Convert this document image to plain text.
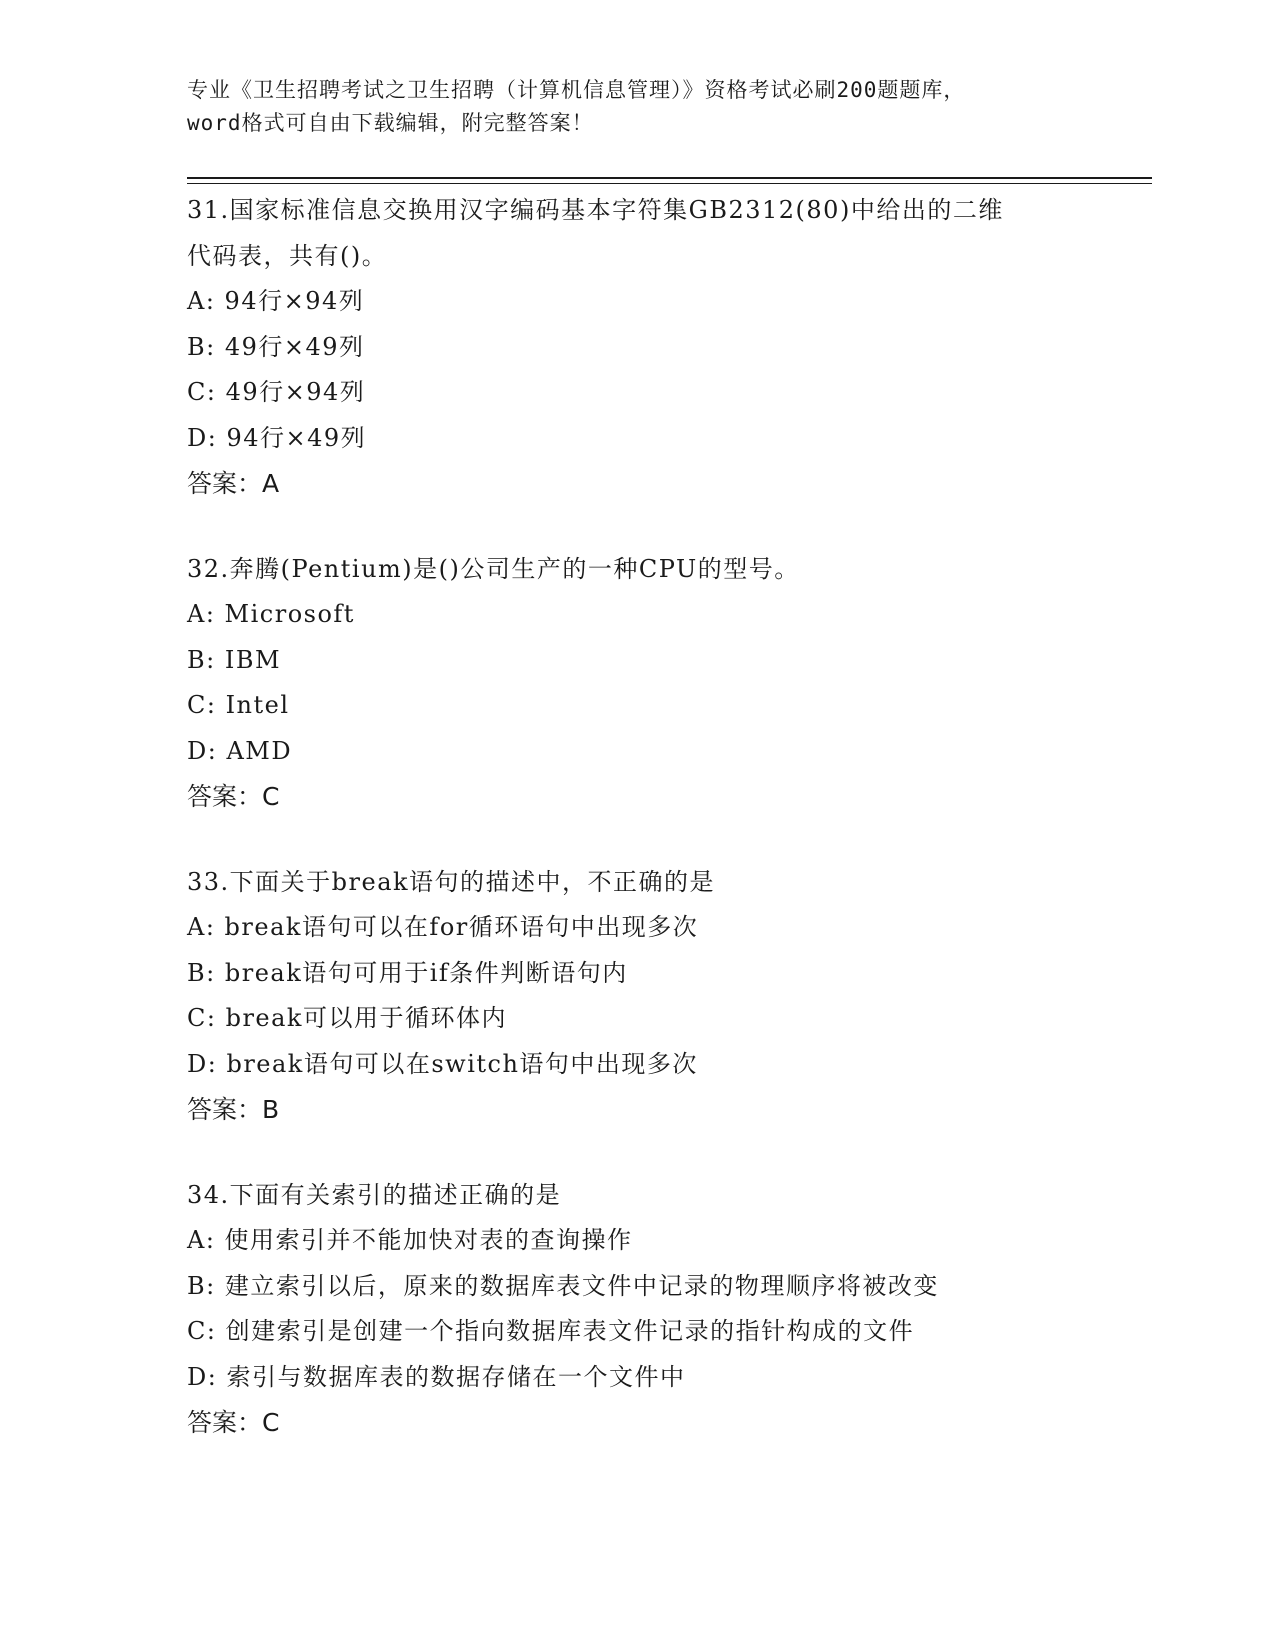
专业《卫生招聘考试之卫生招聘（计算机信息管理）》资格考试必刷200题题库，
word格式可自由下载编辑，附完整答案！
31.国家标准信息交换用汉字编码基本字符集GB2312(80)中给出的二维
代码表，共有()。
A: 94行×94列
B: 49行×49列
C: 49行×94列
D: 94行×49列
答案：A
32.奔腾(Pentium)是()公司生产的一种CPU的型号。
A: Microsoft
B: IBM
C: Intel
D: AMD
答案：C
33.下面关于break语句的描述中，不正确的是
A: break语句可以在for循环语句中出现多次
B: break语句可用于if条件判断语句内
C: break可以用于循环体内
D: break语句可以在switch语句中出现多次
答案：B
34.下面有关索引的描述正确的是
A: 使用索引并不能加快对表的查询操作
B: 建立索引以后，原来的数据库表文件中记录的物理顺序将被改变
C: 创建索引是创建一个指向数据库表文件记录的指针构成的文件
D: 索引与数据库表的数据存储在一个文件中
答案：C
